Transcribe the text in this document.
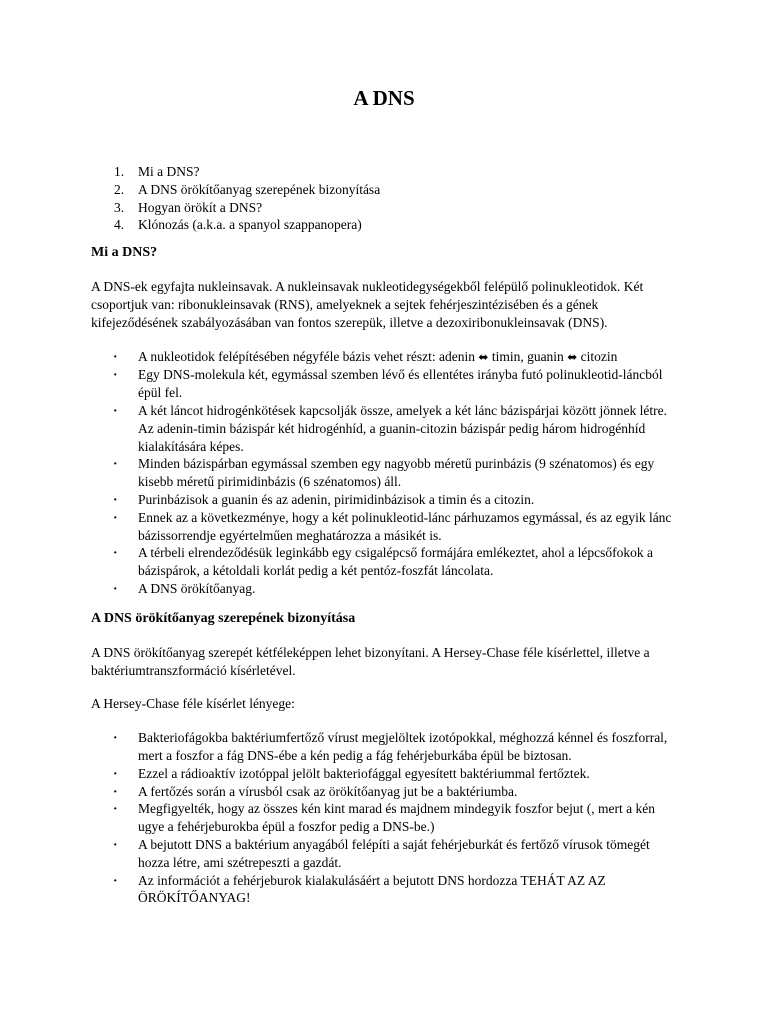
A DNS
1. Mi a DNS?
2. A DNS örökítőanyag szerepének bizonyítása
3. Hogyan örökít a DNS?
4. Klónozás (a.k.a. a spanyol szappanopera)
Mi a DNS?

A DNS-ek egyfajta nukleinsavak. A nukleinsavak nukleotidegységekből felépülő polinukleotidok. Két csoportjuk van: ribonukleinsavak (RNS), amelyeknek a sejtek fehérjeszintézisében és a gének kifejeződésének szabályozásában van fontos szerepük, illetve a dezoxiribonukleinsavak (DNS).

· A nukleotidok felépítésében négyféle bázis vehet részt: adenin ⬌ timin, guanin ⬌ citozin
· Egy DNS-molekula két, egymással szemben lévő és ellentétes irányba futó polinukleotid-láncból épül fel.
· A két láncot hidrogénkötések kapcsolják össze, amelyek a két lánc bázispárjai között jönnek létre. Az adenin-timin bázispár két hidrogénhíd, a guanin-citozin bázispár pedig három hidrogénhíd kialakítására képes.
· Minden bázispárban egymással szemben egy nagyobb méretű purinbázis (9 szénatomos) és egy kisebb méretű pirimidinbázis (6 szénatomos) áll.
· Purinbázisok a guanin és az adenin, pirimidinbázisok a timin és a citozin.
· Ennek az a következménye, hogy a két polinukleotid-lánc párhuzamos egymással, és az egyik lánc bázissorrendje egyértelműen meghatározza a másikét is.
· A térbeli elrendeződésük leginkább egy csigalépcső formájára emlékeztet, ahol a lépcsőfokok a bázispárok, a kétoldali korlát pedig a két pentóz-foszfát láncolata.
· A DNS örökítőanyag.
A DNS örökítőanyag szerepének bizonyítása

A DNS örökítőanyag szerepét kétféleképpen lehet bizonyítani. A Hersey-Chase féle kísérlettel, illetve a baktériumtranszformáció kísérletével.

A Hersey-Chase féle kísérlet lényege:

· Bakteriofágokba baktériumfertőző vírust megjelöltek izotópokkal, méghozzá kénnel és foszforral, mert a foszfor a fág DNS-ébe a kén pedig a fág fehérjeburkába épül be biztosan.
· Ezzel a rádioaktív izotóppal jelölt bakteriofággal egyesített baktériummal fertőztek.
· A fertőzés során a vírusból csak az örökítőanyag jut be a baktériumba.
· Megfigyelték, hogy az összes kén kint marad és majdnem mindegyik foszfor bejut (, mert a kén ugye a fehérjeburokba épül a foszfor pedig a DNS-be.)
· A bejutott DNS a baktérium anyagából felépíti a saját fehérjeburkát és fertőző vírusok tömegét hozza létre, ami szétrepeszti a gazdát.
· Az információt a fehérjeburok kialakulásáért a bejutott DNS hordozza TEHÁT AZ AZ ÖRÖKÍTŐANYAG!
